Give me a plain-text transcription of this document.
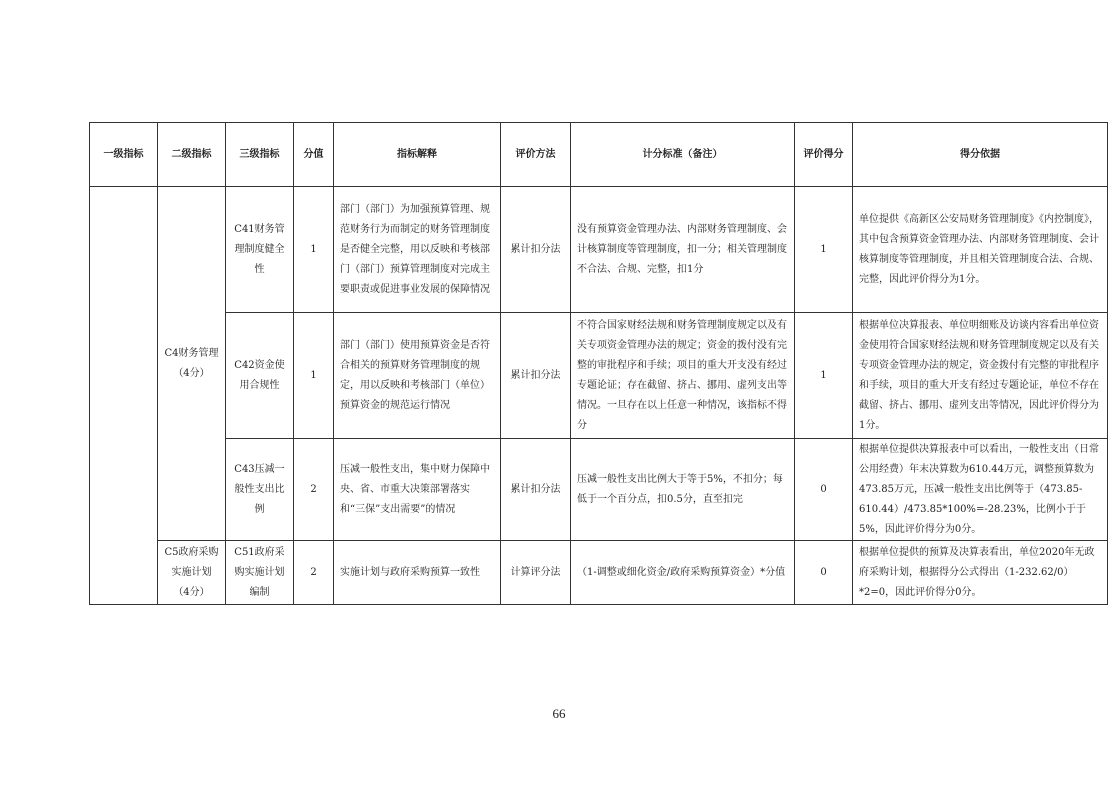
一级指标	二级指标	三级指标	分值	指标解释	评价方法	计分标准（备注）	评价得分	得分依据
	C4财务管理（4分）	C41财务管理制度健全性	1	部门（部门）为加强预算管理、规范财务行为而制定的财务管理制度是否健全完整，用以反映和考核部门（部门）预算管理制度对完成主要职责或促进事业发展的保障情况	累计扣分法	没有预算资金管理办法、内部财务管理制度、会计核算制度等管理制度，扣一分；相关管理制度不合法、合规、完整，扣1分	1	单位提供《高新区公安局财务管理制度》《内控制度》，其中包含预算资金管理办法、内部财务管理制度、会计核算制度等管理制度，并且相关管理制度合法、合规、完整，因此评价得分为1分。
		C42资金使用合规性	1	部门（部门）使用预算资金是否符合相关的预算财务管理制度的规定，用以反映和考核部门（单位）预算资金的规范运行情况	累计扣分法	不符合国家财经法规和财务管理制度规定以及有关专项资金管理办法的规定；资金的拨付没有完整的审批程序和手续；项目的重大开支没有经过专题论证；存在截留、挤占、挪用、虚列支出等情况。一旦存在以上任意一种情况，该指标不得分	1	根据单位决算报表、单位明细账及访谈内容看出单位资金使用符合国家财经法规和财务管理制度规定以及有关专项资金管理办法的规定，资金拨付有完整的审批程序和手续，项目的重大开支有经过专题论证，单位不存在截留、挤占、挪用、虚列支出等情况，因此评价得分为1分。
		C43压减一般性支出比例	2	压减一般性支出，集中财力保障中央、省、市重大决策部署落实和“三保”支出需要”的情况	累计扣分法	压减一般性支出比例大于等于5%，不扣分；每低于一个百分点，扣0.5分，直至扣完	0	根据单位提供决算报表中可以看出，一般性支出（日常公用经费）年末决算数为610.44万元，调整预算数为473.85万元，压减一般性支出比例等于（473.85-610.44）/473.85*100%=-28.23%，比例小于于5%，因此评价得分为0分。
	C5政府采购实施计划（4分）	C51政府采购实施计划编制	2	实施计划与政府采购预算一致性	计算评分法	（1-调整或细化资金/政府采购预算资金）*分值	0	根据单位提供的预算及决算表看出，单位2020年无政府采购计划，根据得分公式得出（1-232.62/0）*2=0，因此评价得分0分。
66
